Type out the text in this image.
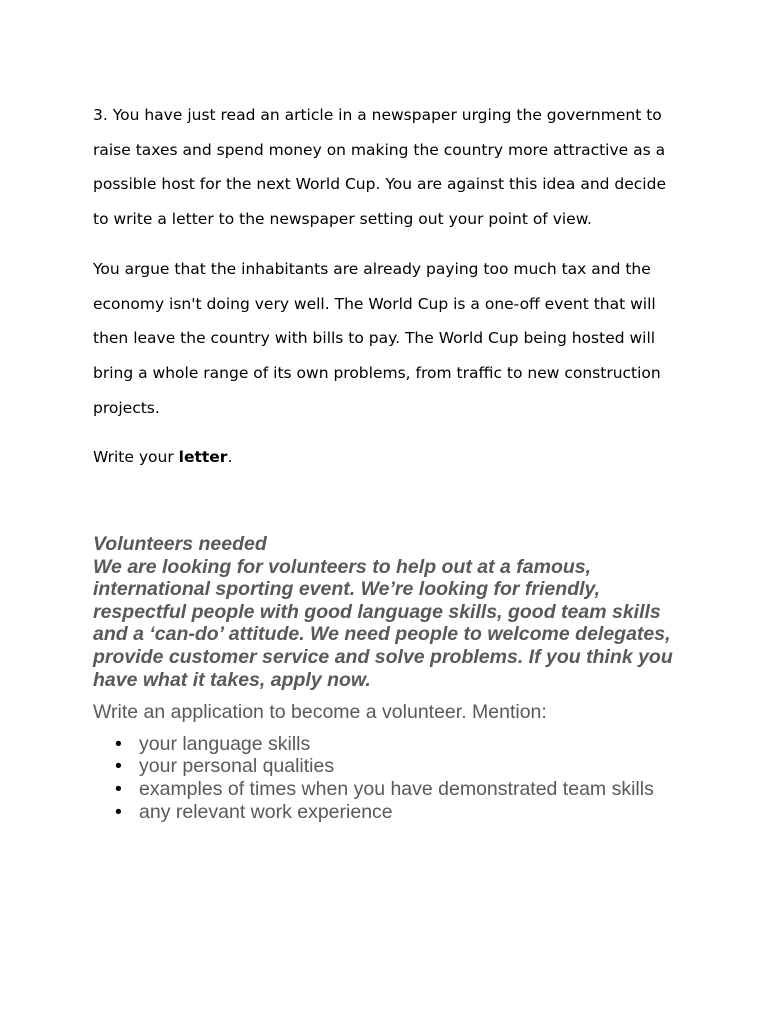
3. You have just read an article in a newspaper urging the government to raise taxes and spend money on making the country more attractive as a possible host for the next World Cup. You are against this idea and decide to write a letter to the newspaper setting out your point of view.

You argue that the inhabitants are already paying too much tax and the economy isn't doing very well. The World Cup is a one-off event that will then leave the country with bills to pay. The World Cup being hosted will bring a whole range of its own problems, from traffic to new construction projects.

Write your letter.

Volunteers needed

We are looking for volunteers to help out at a famous, international sporting event. We’re looking for friendly, respectful people with good language skills, good team skills and a ‘can-do’ attitude. We need people to welcome delegates, provide customer service and solve problems. If you think you have what it takes, apply now.

Write an application to become a volunteer. Mention:

• your language skills
• your personal qualities
• examples of times when you have demonstrated team skills
• any relevant work experience
